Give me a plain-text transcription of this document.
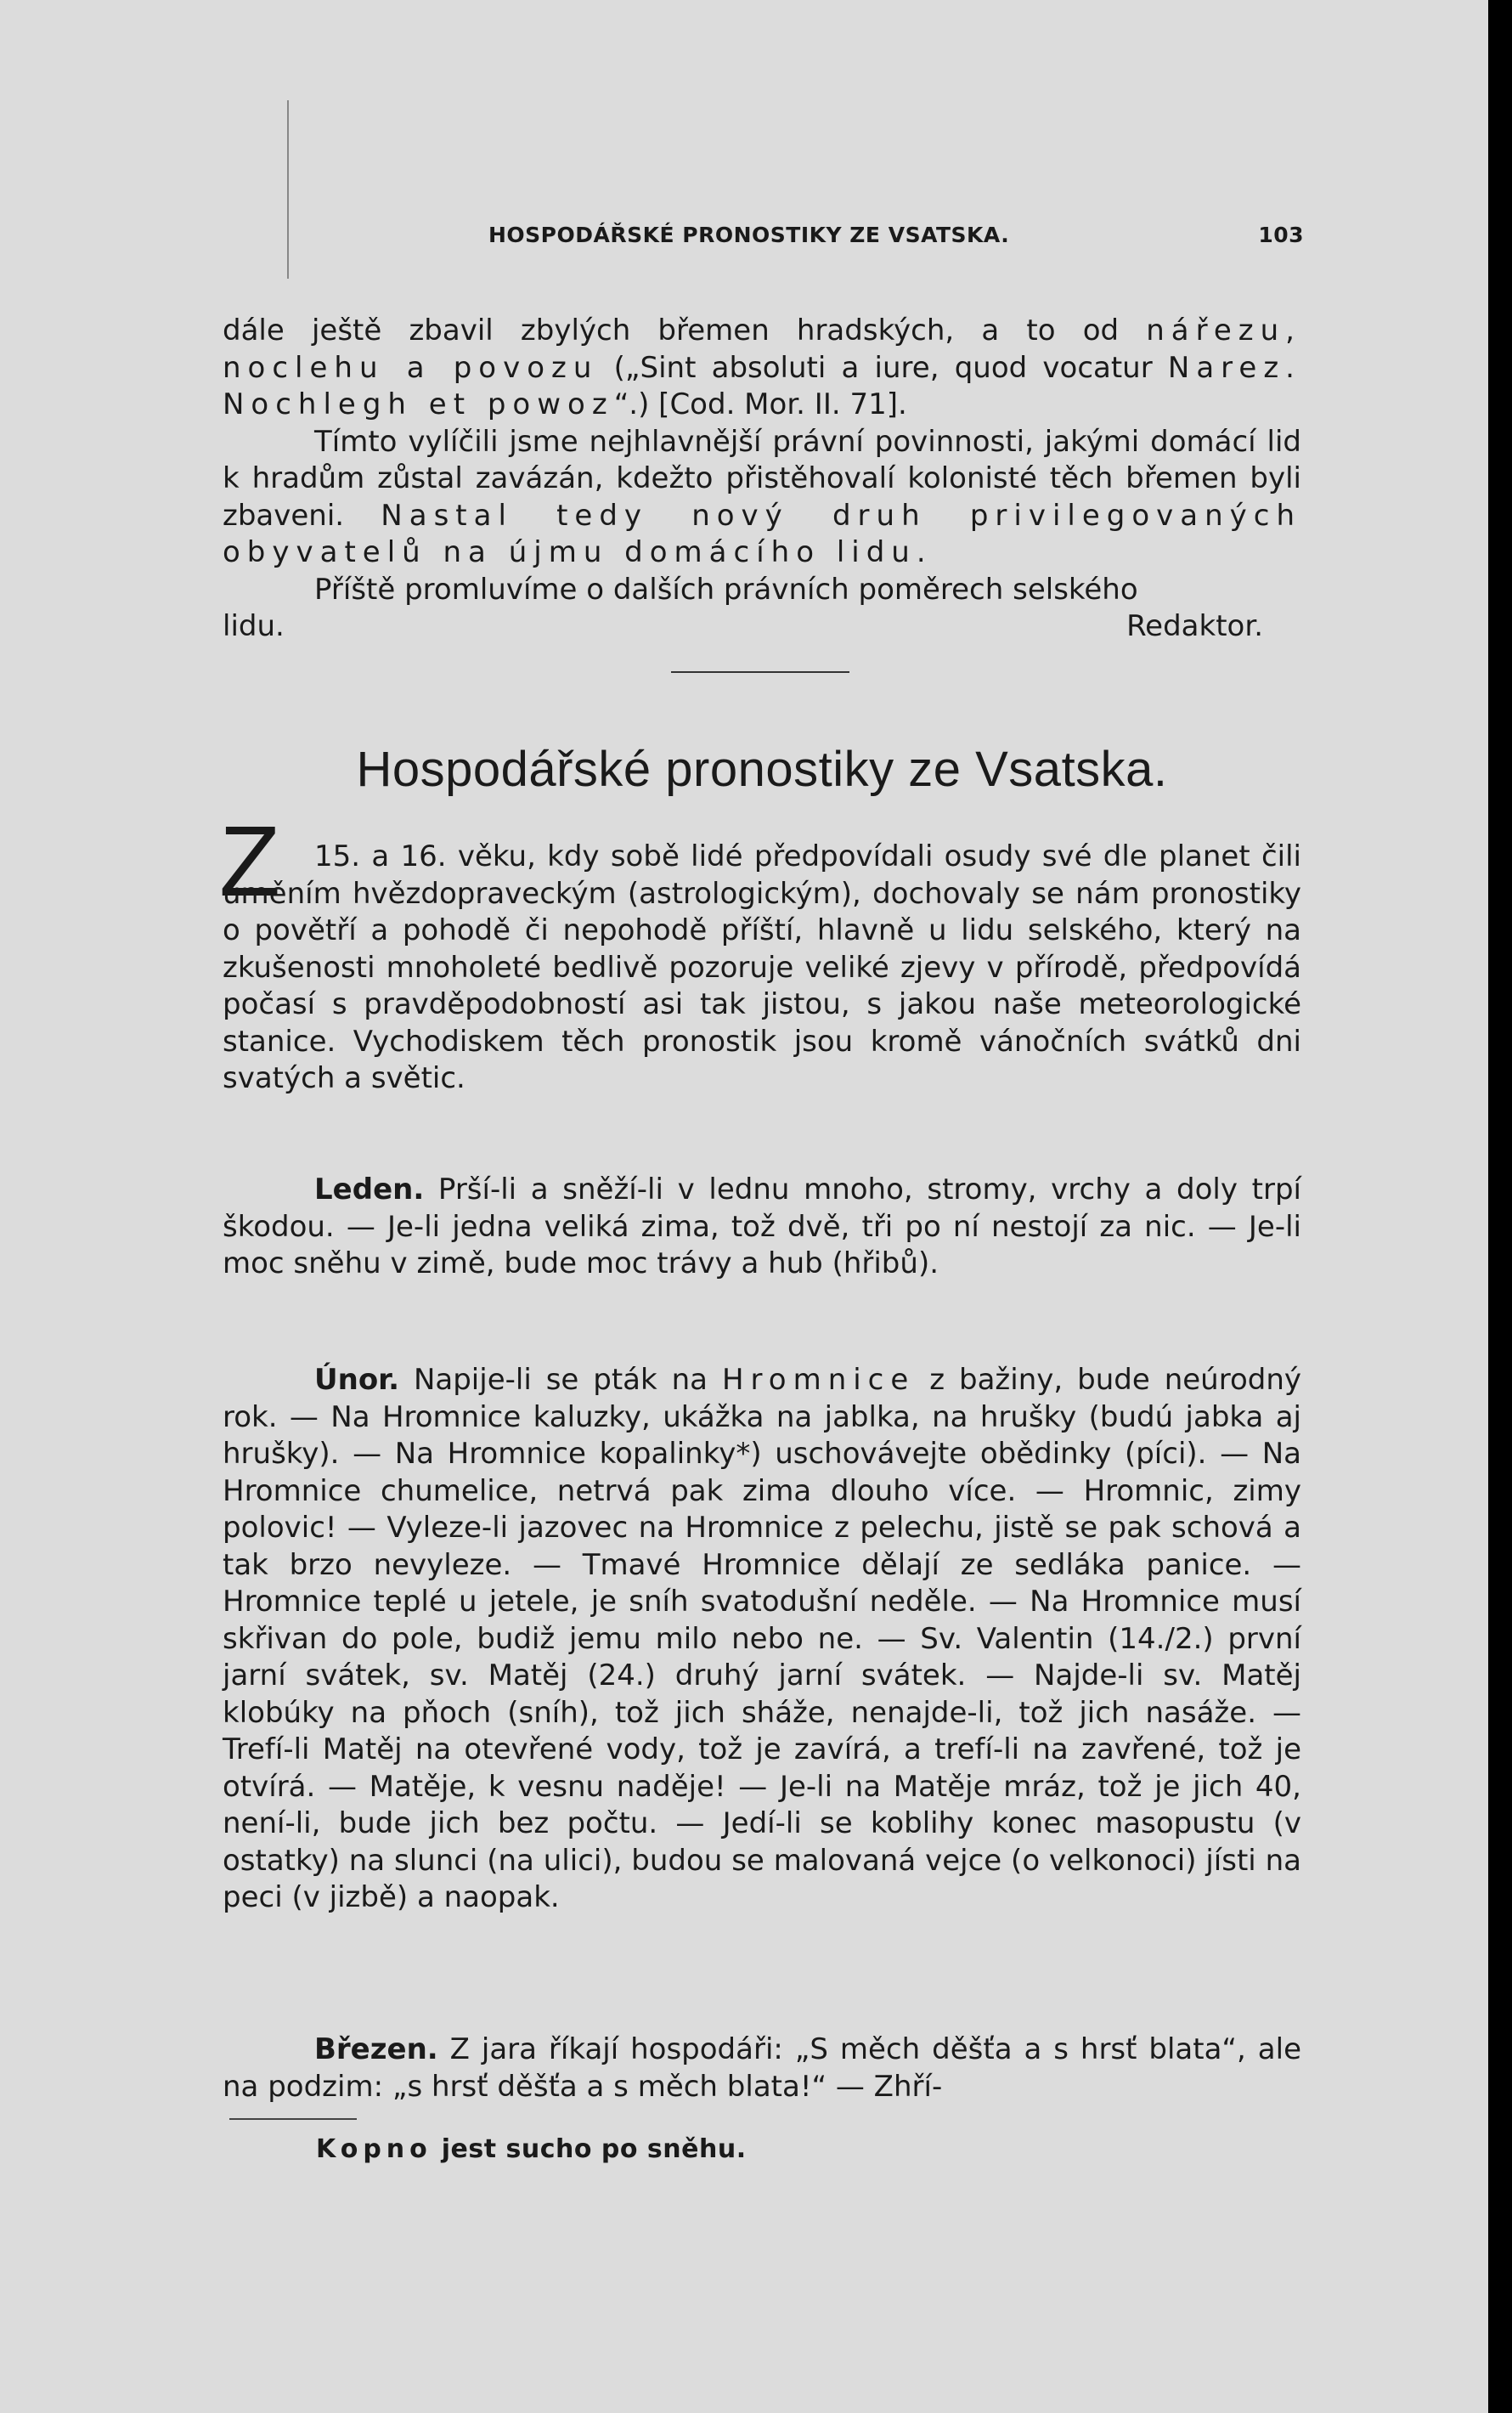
HOSPODÁŘSKÉ PRONOSTIKY ZE VSATSKA.	103

dále ještě zbavil zbylých břemen hradských, a to od nářezu, noclehu a povozu („Sint absoluti a iure, quod vocatur Narez. Nochlegh et powoz“.) [Cod. Mor. II. 71].

Tímto vylíčili jsme nejhlavnější právní povinnosti, jakými domácí lid k hradům zůstal zavázán, kdežto přistěhovalí kolonisté těch břemen byli zbaveni. Nastal tedy nový druh privilegovaných obyvatelů na újmu domácího lidu.

Příště promluvíme o dalších právních poměrech selského

lidu.	Redaktor.
Hospodářské pronostiky ze Vsatska.
Z	15. a 16. věku, kdy sobě lidé předpovídali osudy své dle planet čili uměním hvězdopraveckým (astrologickým), dochovaly se nám pronostiky o povětří a pohodě či nepohodě příští, hlavně u lidu selského, který na zkušenosti mnoholeté bedlivě pozoruje veliké zjevy v přírodě, předpovídá počasí s pravděpodobností asi tak jistou, s jakou naše meteorologické stanice. Vychodiskem těch pronostik jsou kromě vánočních svátků dni svatých a světic.

Leden. Prší-li a sněží-li v lednu mnoho, stromy, vrchy a doly trpí škodou. — Je-li jedna veliká zima, tož dvě, tři po ní nestojí za nic. — Je-li moc sněhu v zimě, bude moc trávy a hub (hřibů).

Únor. Napije-li se pták na Hromnice z bažiny, bude neúrodný rok. — Na Hromnice kaluzky, ukážka na jablka, na hrušky (budú jabka aj hrušky). — Na Hromnice kopalinky*) uschovávejte obědinky (píci). — Na Hromnice chumelice, netrvá pak zima dlouho více. — Hromnic, zimy polovic! — Vyleze-li jazovec na Hromnice z pelechu, jistě se pak schová a tak brzo nevyleze. — Tmavé Hromnice dělají ze sedláka panice. — Hromnice teplé u jetele, je sníh svatodušní neděle. — Na Hromnice musí skřivan do pole, budiž jemu milo nebo ne. — Sv. Valentin (14./2.) první jarní svátek, sv. Matěj (24.) druhý jarní svátek. — Najde-li sv. Matěj klobúky na pňoch (sníh), tož jich sháže, nenajde-li, tož jich nasáže. — Trefí-li Matěj na otevřené vody, tož je zavírá, a trefí-li na zavřené, tož je otvírá. — Matěje, k vesnu naděje! — Je-li na Matěje mráz, tož je jich 40, není-li, bude jich bez počtu. — Jedí-li se koblihy konec masopustu (v ostatky) na slunci (na ulici), budou se malovaná vejce (o velkonoci) jísti na peci (v jizbě) a naopak.

Březen. Z jara říkají hospodáři: „S měch děšťa a s hrsť blata“, ale na podzim: „s hrsť děšťa a s měch blata!“ — Zhří-

Kopno jest sucho po sněhu.
